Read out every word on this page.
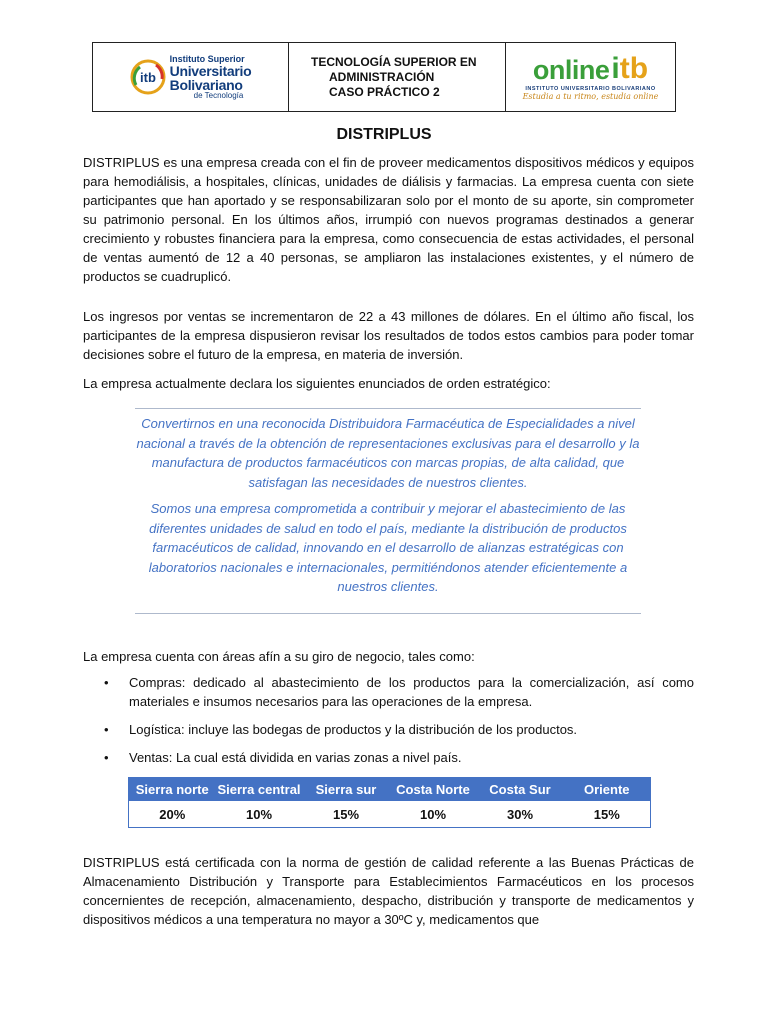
itb
Instituto Superior
Universitario
Bolivariano
de Tecnología
TECNOLOGÍA SUPERIOR EN
ADMINISTRACIÓN
CASO PRÁCTICO 2
online itb
INSTITUTO UNIVERSITARIO BOLIVARIANO
Estudia a tu ritmo, estudia online
DISTRIPLUS

DISTRIPLUS es una empresa creada con el fin de proveer medicamentos dispositivos médicos y equipos para hemodiálisis, a hospitales, clínicas, unidades de diálisis y farmacias. La empresa cuenta con siete participantes que han aportado y se responsabilizaran solo por el monto de su aporte, sin comprometer su patrimonio personal. En los últimos años, irrumpió con nuevos programas destinados a generar crecimiento y robustes financiera para la empresa, como consecuencia de estas actividades, el personal de ventas aumentó de 12 a 40 personas, se ampliaron las instalaciones existentes, y el número de productos se cuadruplicó.

Los ingresos por ventas se incrementaron de 22 a 43 millones de dólares. En el último año fiscal, los participantes de la empresa dispusieron revisar los resultados de todos estos cambios para poder tomar decisiones sobre el futuro de la empresa, en materia de inversión.

La empresa actualmente declara los siguientes enunciados de orden estratégico:

Convertirnos en una reconocida Distribuidora Farmacéutica de Especialidades a nivel nacional a través de la obtención de representaciones exclusivas para el desarrollo y la manufactura de productos farmacéuticos con marcas propias, de alta calidad, que satisfagan las necesidades de nuestros clientes.

Somos una empresa comprometida a contribuir y mejorar el abastecimiento de las diferentes unidades de salud en todo el país, mediante la distribución de productos farmacéuticos de calidad, innovando en el desarrollo de alianzas estratégicas con laboratorios nacionales e internacionales, permitiéndonos atender eficientemente a nuestros clientes.

La empresa cuenta con áreas afín a su giro de negocio, tales como:

• Compras: dedicado al abastecimiento de los productos para la comercialización, así como materiales e insumos necesarios para las operaciones de la empresa.
• Logística: incluye las bodegas de productos y la distribución de los productos.
• Ventas: La cual está dividida en varias zonas a nivel país.
Sierra norte	Sierra central	Sierra sur	Costa Norte	Costa Sur	Oriente
20%	10%	15%	10%	30%	15%

DISTRIPLUS está certificada con la norma de gestión de calidad referente a las Buenas Prácticas de Almacenamiento Distribución y Transporte para Establecimientos Farmacéuticos en los procesos concernientes de recepción, almacenamiento, despacho, distribución y transporte de medicamentos y dispositivos médicos a una temperatura no mayor a 30ºC y, medicamentos que
